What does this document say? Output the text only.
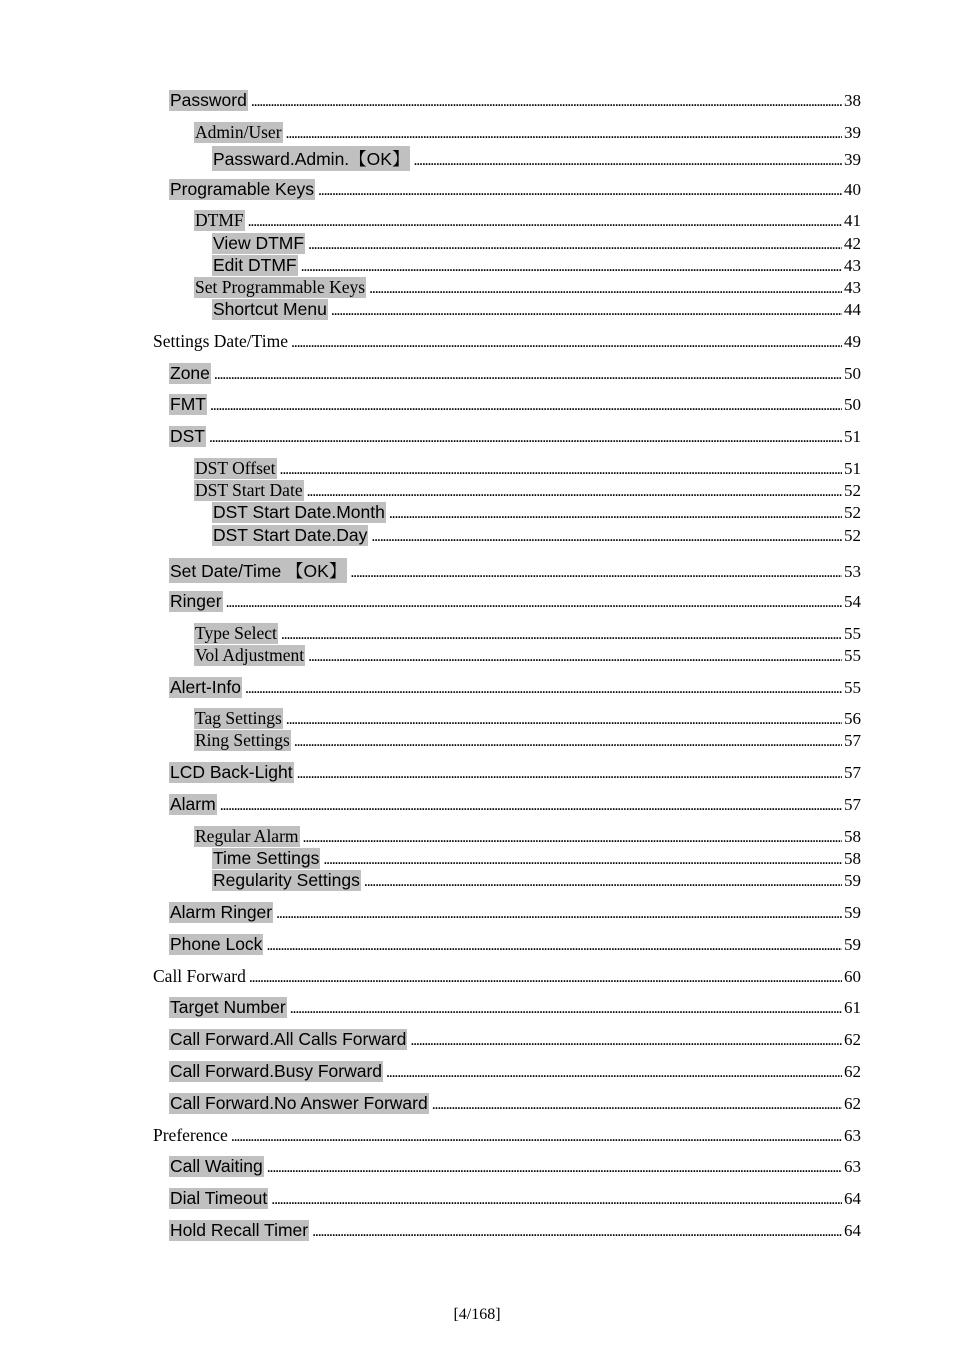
Password . . .	38
Admin/User . . .	39
Passward.Admin.【OK】 . . .	39
Programable Keys . . .	40
DTMF . . .	41
View DTMF . . .	42
Edit DTMF . . .	43
Set Programmable Keys . . .	43
Shortcut Menu . . .	44
Settings Date/Time . . .	49
Zone . . .	50
FMT . . .	50
DST . . .	51
DST Offset . . .	51
DST Start Date . . .	52
DST Start Date.Month . . .	52
DST Start Date.Day . . .	52
Set Date/Time 【OK】 . . .	53
Ringer . . .	54
Type Select . . .	55
Vol Adjustment . . .	55
Alert-Info . . .	55
Tag Settings . . .	56
Ring Settings . . .	57
LCD Back-Light . . .	57
Alarm . . .	57
Regular Alarm . . .	58
Time Settings . . .	58
Regularity Settings . . .	59
Alarm Ringer . . .	59
Phone Lock . . .	59
Call Forward . . .	60
Target Number . . .	61
Call Forward.All Calls Forward . . .	62
Call Forward.Busy Forward . . .	62
Call Forward.No Answer Forward . . .	62
Preference . . .	63
Call Waiting . . .	63
Dial Timeout . . .	64
Hold Recall Timer . . .	64
[4/168]
